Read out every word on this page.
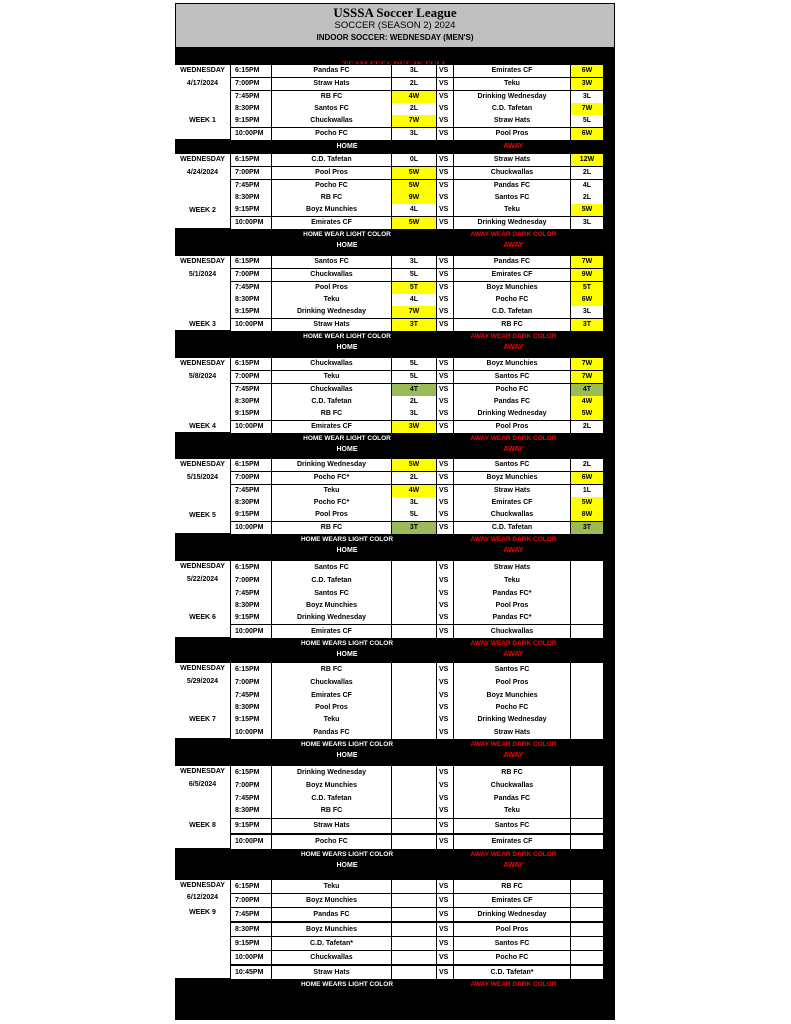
USSSA Soccer League
SOCCER (SEASON 2) 2024
INDOOR SOCCER: WEDNESDAY (MEN'S)
WEDNESDAY
4/17/2024
WEEK 1
6:15PM	Pandas FC	3L	VS	Emirates CF	6W
7:00PM	Straw Hats	2L	VS	Teku	3W
7:45PM	RB FC	4W	VS	Drinking Wednesday	3L
8:30PM	Santos FC	2L	VS	C.D. Tafetan	7W
9:15PM	Chuckwallas	7W	VS	Straw Hats	5L
10:00PM	Pocho FC	3L	VS	Pool Pros	6W
HOME	AWAY
WEDNESDAY
4/24/2024
WEEK 2
6:15PM	C.D. Tafetan	0L	VS	Straw Hats	12W
7:00PM	Pool Pros	5W	VS	Chuckwallas	2L
7:45PM	Pocho FC	5W	VS	Pandas FC	4L
8:30PM	RB FC	9W	VS	Santos FC	2L
9:15PM	Boyz Munchies	4L	VS	Teku	5W
10:00PM	Emirates CF	5W	VS	Drinking Wednesday	3L
HOME WEAR LIGHT COLOR	AWAY WEAR DARK COLOR
HOME	AWAY
WEDNESDAY
5/1/2024
WEEK 3
6:15PM	Santos FC	3L	VS	Pandas FC	7W
7:00PM	Chuckwallas	5L	VS	Emirates CF	9W
7:45PM	Pool Pros	5T	VS	Boyz Munchies	5T
8:30PM	Teku	4L	VS	Pocho FC	6W
9:15PM	Drinking Wednesday	7W	VS	C.D. Tafetan	3L
10:00PM	Straw Hats	3T	VS	RB FC	3T
HOME WEAR LIGHT COLOR	AWAY WEAR DARK COLOR
HOME	AWAY
WEDNESDAY
5/8/2024
WEEK 4
6:15PM	Chuckwallas	5L	VS	Boyz Munchies	7W
7:00PM	Teku	5L	VS	Santos FC	7W
7:45PM	Chuckwallas	4T	VS	Pocho FC	4T
8:30PM	C.D. Tafetan	2L	VS	Pandas FC	4W
9:15PM	RB FC	3L	VS	Drinking Wednesday	5W
10:00PM	Emirates CF	3W	VS	Pool Pros	2L
HOME WEAR LIGHT COLOR	AWAY WEAR DARK COLOR
HOME	AWAY
WEDNESDAY
5/15/2024
WEEK 5
6:15PM	Drinking Wednesday	5W	VS	Santos FC	2L
7:00PM	Pocho FC*	2L	VS	Boyz Munchies	6W
7:45PM	Teku	4W	VS	Straw Hats	1L
8:30PM	Pocho FC*	3L	VS	Emirates CF	5W
9:15PM	Pool Pros	5L	VS	Chuckwallas	8W
10:00PM	RB FC	3T	VS	C.D. Tafetan	3T
HOME WEARS LIGHT COLOR	AWAY WEAR DARK COLOR
HOME	AWAY
WEDNESDAY
5/22/2024
WEEK 6
6:15PM	Santos FC	VS	Straw Hats
7:00PM	C.D. Tafetan	VS	Teku
7:45PM	Santos FC	VS	Pandas FC*
8:30PM	Boyz Munchies	VS	Pool Pros
9:15PM	Drinking Wednesday	VS	Pandas FC*
10:00PM	Emirates CF	VS	Chuckwallas
HOME WEARS LIGHT COLOR	AWAY WEAR DARK COLOR
HOME	AWAY
WEDNESDAY
5/29/2024
WEEK 7
6:15PM	RB FC	VS	Santos FC
7:00PM	Chuckwallas	VS	Pool Pros
7:45PM	Emirates CF	VS	Boyz Munchies
8:30PM	Pool Pros	VS	Pocho FC
9:15PM	Teku	VS	Drinking Wednesday
10:00PM	Pandas FC	VS	Straw Hats
HOME WEARS LIGHT COLOR	AWAY WEAR DARK COLOR
HOME	AWAY
WEDNESDAY
6/5/2024
WEEK 8
6:15PM	Drinking Wednesday	VS	RB FC
7:00PM	Boyz Munchies	VS	Chuckwallas
7:45PM	C.D. Tafetan	VS	Pandas FC
8:30PM	RB FC	VS	Teku
9:15PM	Straw Hats	VS	Santos FC
10:00PM	Pocho FC	VS	Emirates CF
HOME WEARS LIGHT COLOR	AWAY WEAR DARK COLOR
HOME	AWAY
WEDNESDAY
6/12/2024
WEEK 9
6:15PM	Teku	VS	RB FC
7:00PM	Boyz Munchies	VS	Emirates CF
7:45PM	Pandas FC	VS	Drinking Wednesday
8:30PM	Boyz Munchies	VS	Pool Pros
9:15PM	C.D. Tafetan*	VS	Santos FC
10:00PM	Chuckwallas	VS	Pocho FC
10:45PM	Straw Hats	VS	C.D. Tafetan*
HOME WEARS LIGHT COLOR	AWAY WEAR DARK COLOR
